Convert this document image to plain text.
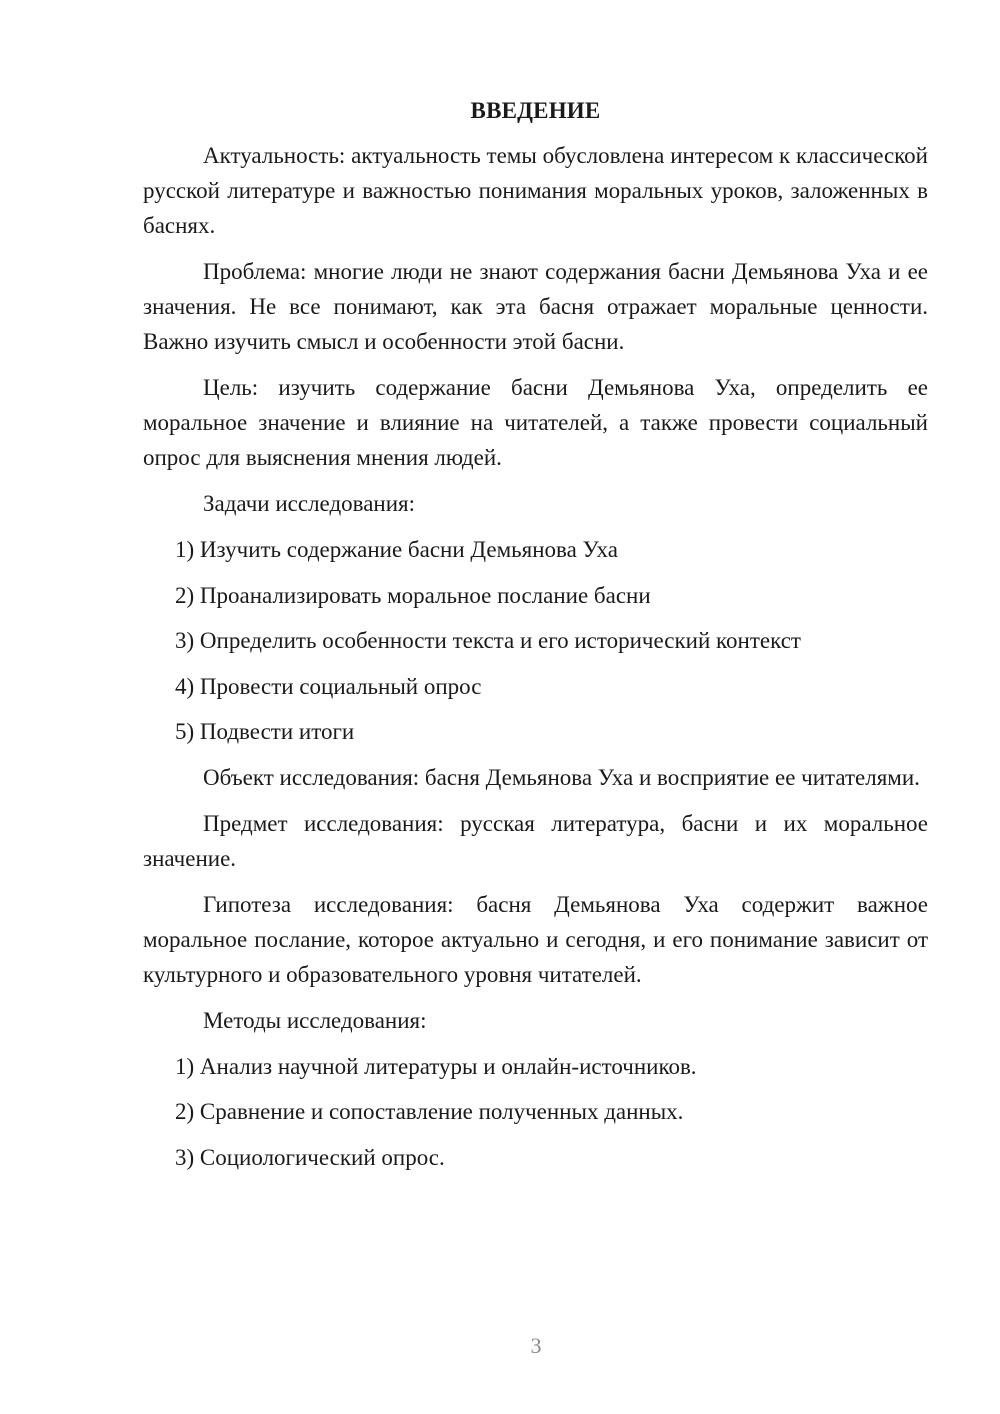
ВВЕДЕНИЕ

Актуальность: актуальность темы обусловлена интересом к классической русской литературе и важностью понимания моральных уроков, заложенных в баснях.

Проблема: многие люди не знают содержания басни Демьянова Уха и ее значения. Не все понимают, как эта басня отражает моральные ценности. Важно изучить смысл и особенности этой басни.

Цель: изучить содержание басни Демьянова Уха, определить ее моральное значение и влияние на читателей, а также провести социальный опрос для выяснения мнения людей.

Задачи исследования:

1) Изучить содержание басни Демьянова Уха
2) Проанализировать моральное послание басни
3) Определить особенности текста и его исторический контекст
4) Провести социальный опрос
5) Подвести итоги

Объект исследования: басня Демьянова Уха и восприятие ее читателями.

Предмет исследования: русская литература, басни и их моральное значение.

Гипотеза исследования: басня Демьянова Уха содержит важное моральное послание, которое актуально и сегодня, и его понимание зависит от культурного и образовательного уровня читателей.

Методы исследования:

1) Анализ научной литературы и онлайн-источников.
2) Сравнение и сопоставление полученных данных.
3) Социологический опрос.
3
